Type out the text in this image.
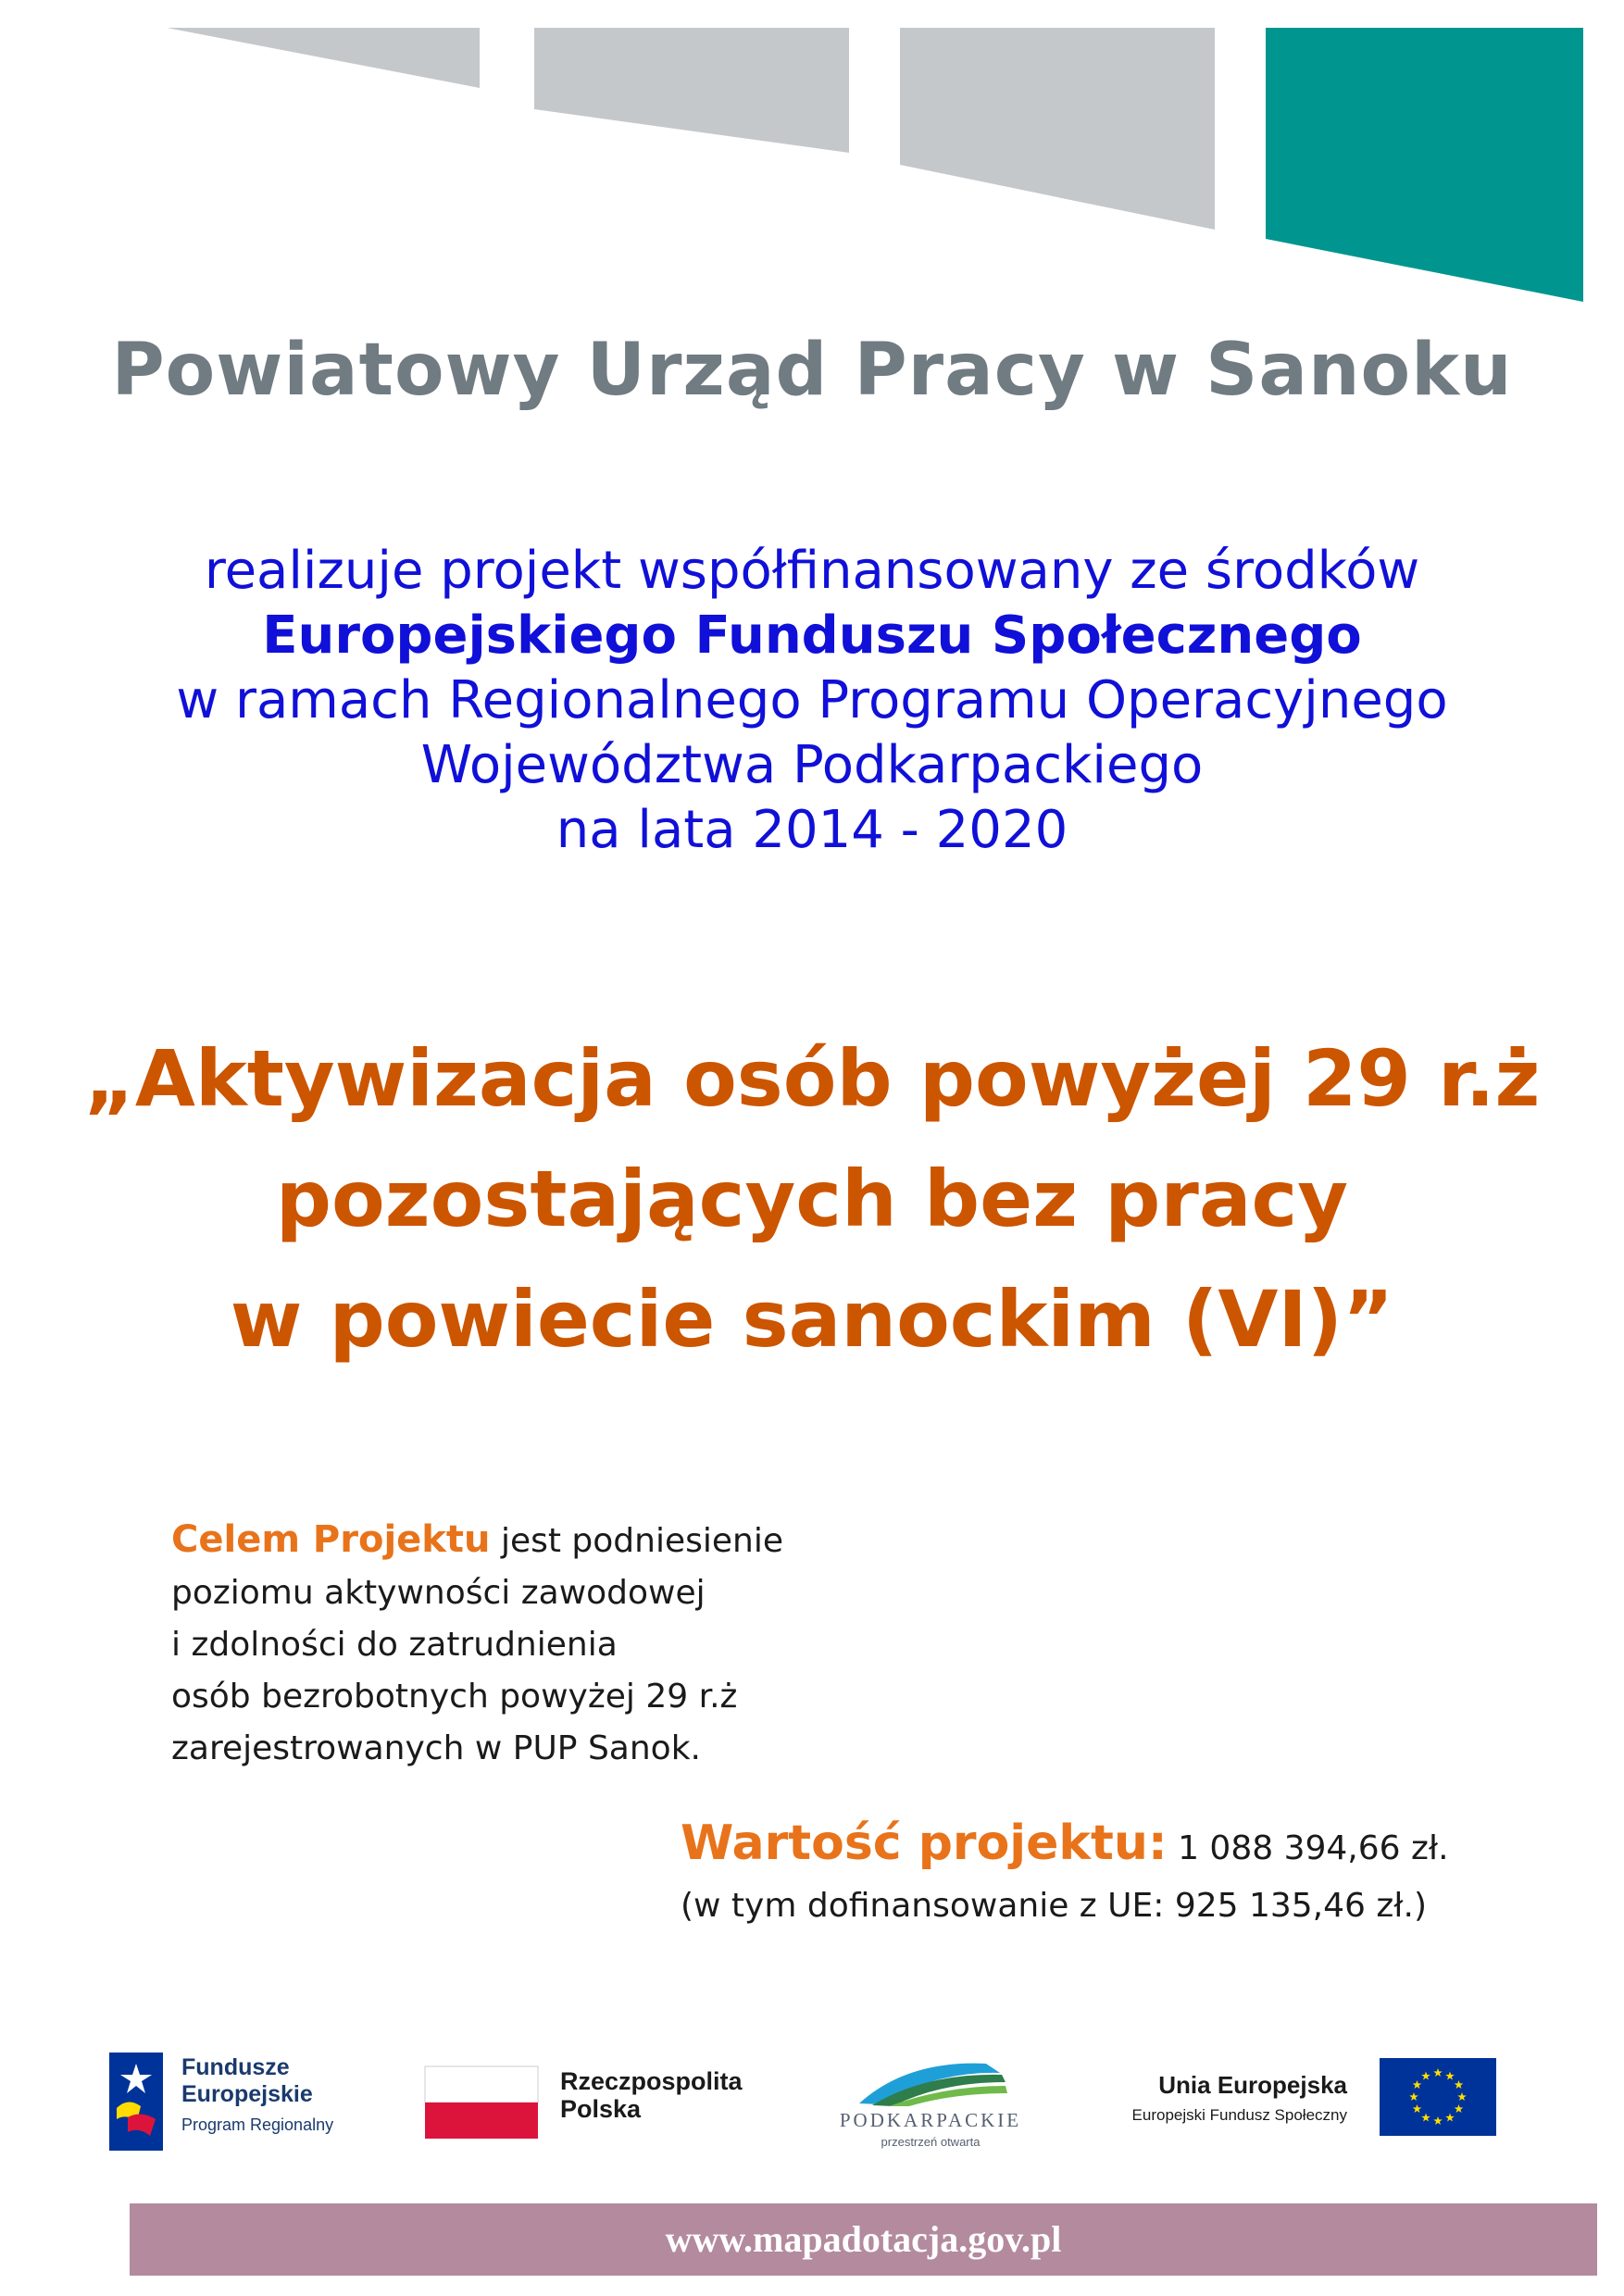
Powiatowy Urząd Pracy w Sanoku
realizuje projekt współfinansowany ze środków
Europejskiego Funduszu Społecznego
w ramach Regionalnego Programu Operacyjnego
Województwa Podkarpackiego
na lata 2014 - 2020
„Aktywizacja osób powyżej 29 r.ż
pozostających bez pracy
w powiecie sanockim (VI)”
Celem Projektu jest podniesienie
poziomu aktywności zawodowej
i zdolności do zatrudnienia
osób bezrobotnych powyżej 29 r.ż
zarejestrowanych w PUP Sanok.
Wartość projektu: 1 088 394,66 zł.
(w tym dofinansowanie z UE: 925 135,46 zł.)
Fundusze
Europejskie
Program Regionalny
Rzeczpospolita
Polska	PODKARPACKIE
przestrzeń otwarta
Unia Europejska
Europejski Fundusz Społeczny
www.mapadotacja.gov.pl
